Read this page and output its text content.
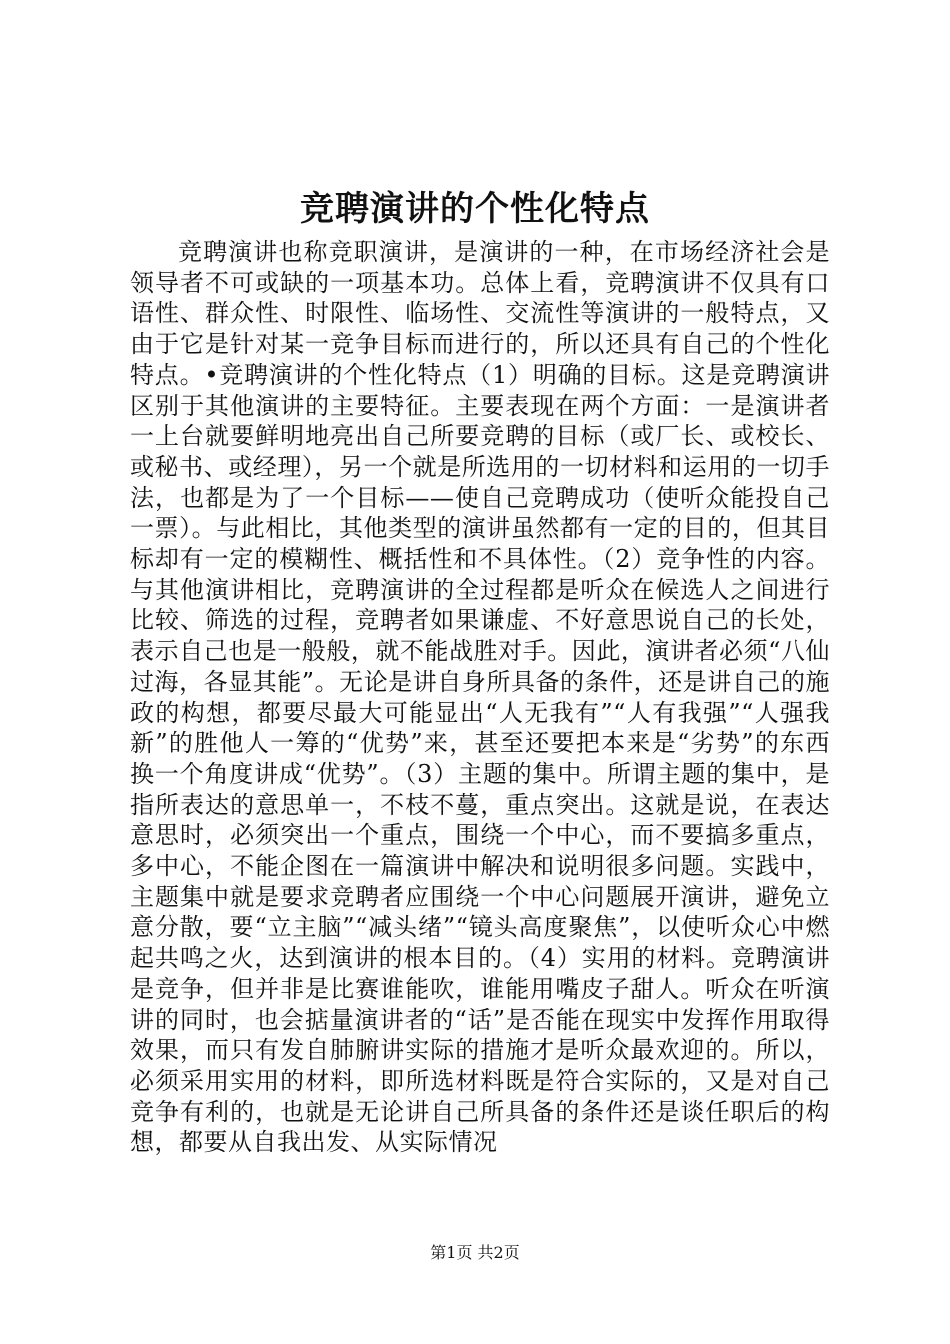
竞聘演讲的个性化特点

竞聘演讲也称竞职演讲，是演讲的一种，在市场经济社会是领导者不可或缺的一项基本功。总体上看，竞聘演讲不仅具有口语性、群众性、时限性、临场性、交流性等演讲的一般特点，又由于它是针对某一竞争目标而进行的，所以还具有自己的个性化特点。•竞聘演讲的个性化特点（1）明确的目标。这是竞聘演讲区别于其他演讲的主要特征。主要表现在两个方面：一是演讲者一上台就要鲜明地亮出自己所要竞聘的目标（或厂长、或校长、或秘书、或经理），另一个就是所选用的一切材料和运用的一切手法，也都是为了一个目标——使自己竞聘成功（使听众能投自己一票）。与此相比，其他类型的演讲虽然都有一定的目的，但其目标却有一定的模糊性、概括性和不具体性。（2）竞争性的内容。与其他演讲相比，竞聘演讲的全过程都是听众在候选人之间进行比较、筛选的过程，竞聘者如果谦虚、不好意思说自己的长处，表示自己也是一般般，就不能战胜对手。因此，演讲者必须“八仙过海，各显其能”。无论是讲自身所具备的条件，还是讲自己的施政的构想，都要尽最大可能显出“人无我有”“人有我强”“人强我新”的胜他人一筹的“优势”来，甚至还要把本来是“劣势”的东西换一个角度讲成“优势”。（3）主题的集中。所谓主题的集中，是指所表达的意思单一，不枝不蔓，重点突出。这就是说，在表达意思时，必须突出一个重点，围绕一个中心，而不要搞多重点，多中心，不能企图在一篇演讲中解决和说明很多问题。实践中，主题集中就是要求竞聘者应围绕一个中心问题展开演讲，避免立意分散，要“立主脑”“减头绪”“镜头高度聚焦”，以使听众心中燃起共鸣之火，达到演讲的根本目的。（4）实用的材料。竞聘演讲是竞争，但并非是比赛谁能吹，谁能用嘴皮子甜人。听众在听演讲的同时，也会掂量演讲者的“话”是否能在现实中发挥作用取得效果，而只有发自肺腑讲实际的措施才是听众最欢迎的。所以，必须采用实用的材料，即所选材料既是符合实际的，又是对自己竞争有利的，也就是无论讲自己所具备的条件还是谈任职后的构想，都要从自我出发、从实际情况

第1页 共2页
